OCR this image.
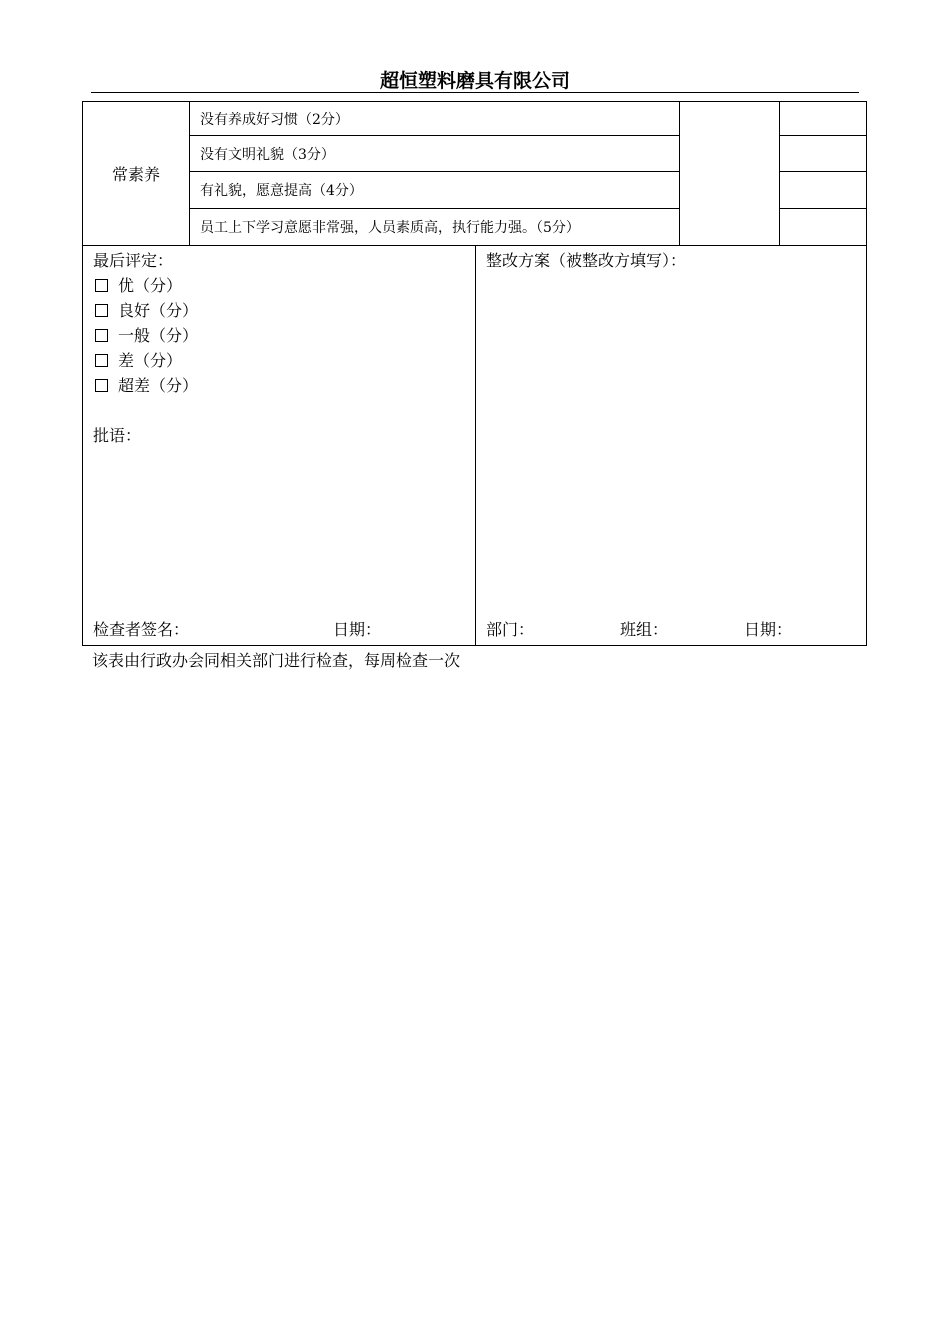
超恒塑料磨具有限公司
常素养	没有养成好习惯（2分）		
	没有文明礼貌（3分）		
	有礼貌，愿意提高（4分）		
	员工上下学习意愿非常强，人员素质高，执行能力强。（5分）		
最后评定：
优（分）
良好（分）
一般（分）
差（分）
超差（分）
批语：
检查者签名：	日期：
整改方案（被整改方填写）：
部门：	班组：	日期：
该表由行政办会同相关部门进行检查，每周检查一次
